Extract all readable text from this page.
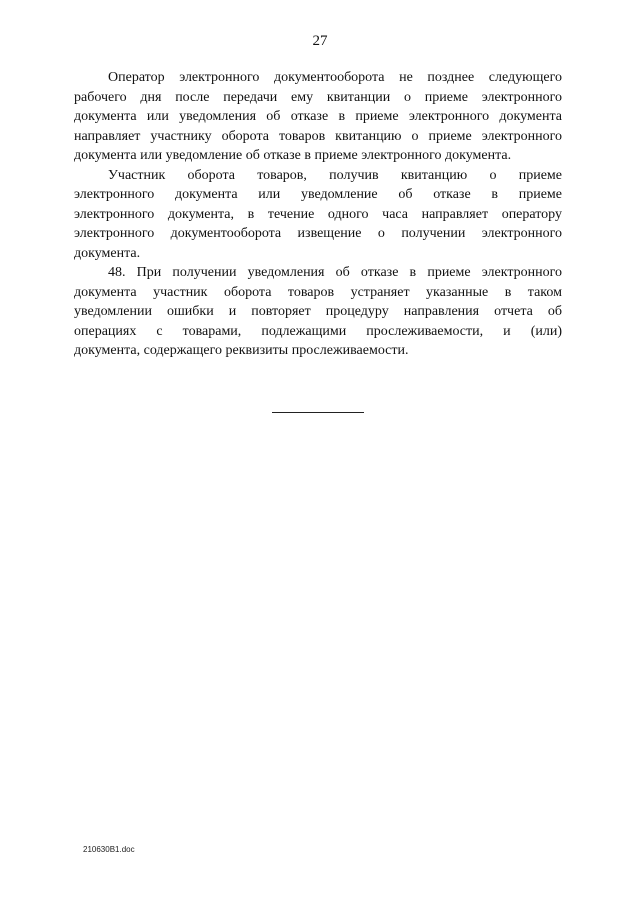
27

Оператор электронного документооборота не позднее следующего
рабочего дня после передачи ему квитанции о приеме электронного
документа или уведомления об отказе в приеме электронного документа
направляет участнику оборота товаров квитанцию о приеме электронного
документа или уведомление об отказе в приеме электронного документа.

Участник оборота товаров, получив квитанцию о приеме
электронного документа или уведомление об отказе в приеме
электронного документа, в течение одного часа направляет оператору
электронного документооборота извещение о получении электронного
документа.

48. При получении уведомления об отказе в приеме электронного
документа участник оборота товаров устраняет указанные в таком
уведомлении ошибки и повторяет процедуру направления отчета об
операциях с товарами, подлежащими прослеживаемости, и (или)
документа, содержащего реквизиты прослеживаемости.

210630В1.doc
